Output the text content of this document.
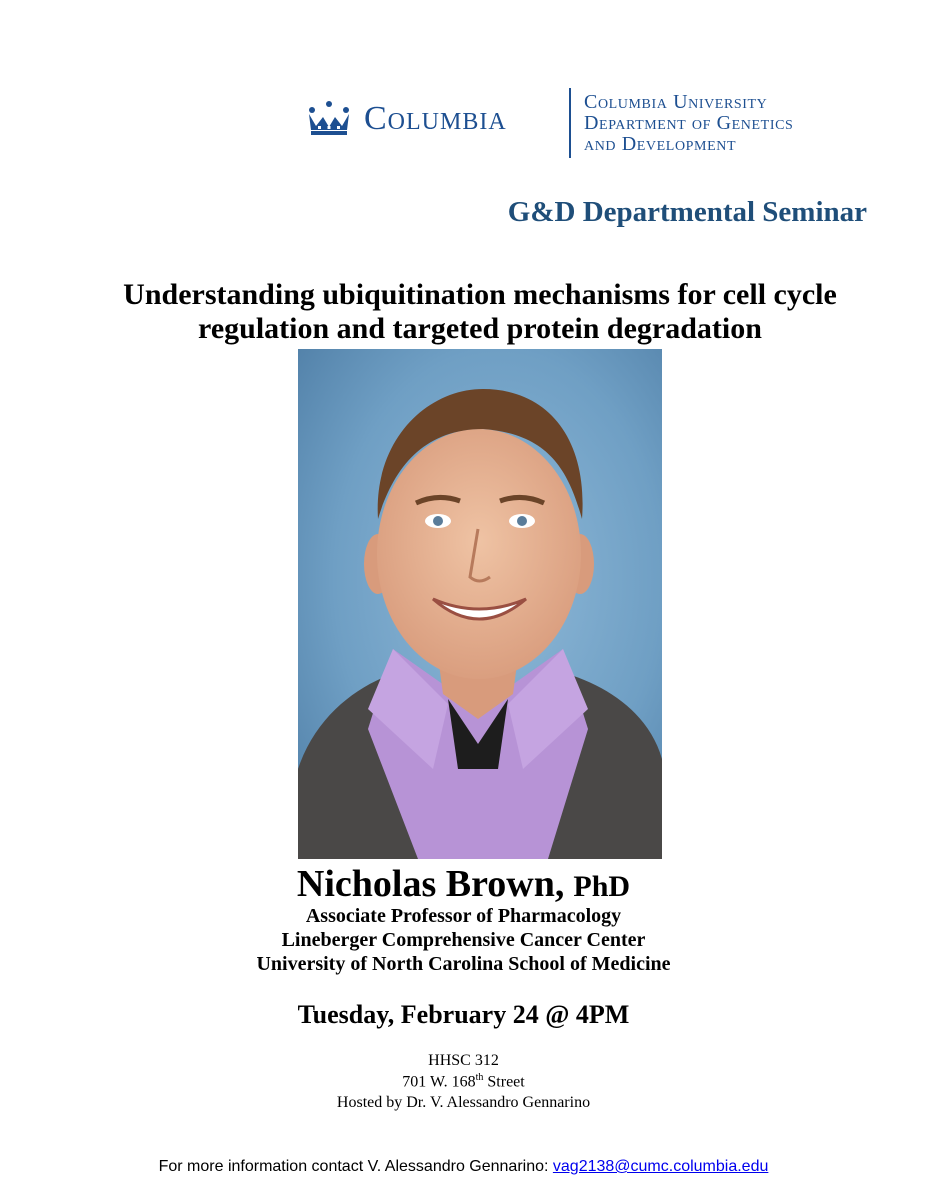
Columbia	Columbia University
Department of Genetics
and Development
G&D Departmental Seminar
Understanding ubiquitination mechanisms for cell cycle regulation and targeted protein degradation
Nicholas Brown, PhD
Associate Professor of Pharmacology
Lineberger Comprehensive Cancer Center
University of North Carolina School of Medicine
Tuesday, February 24 @ 4PM
HHSC 312
701 W. 168th Street
Hosted by Dr. V. Alessandro Gennarino
For more information contact V. Alessandro Gennarino: vag2138@cumc.columbia.edu
